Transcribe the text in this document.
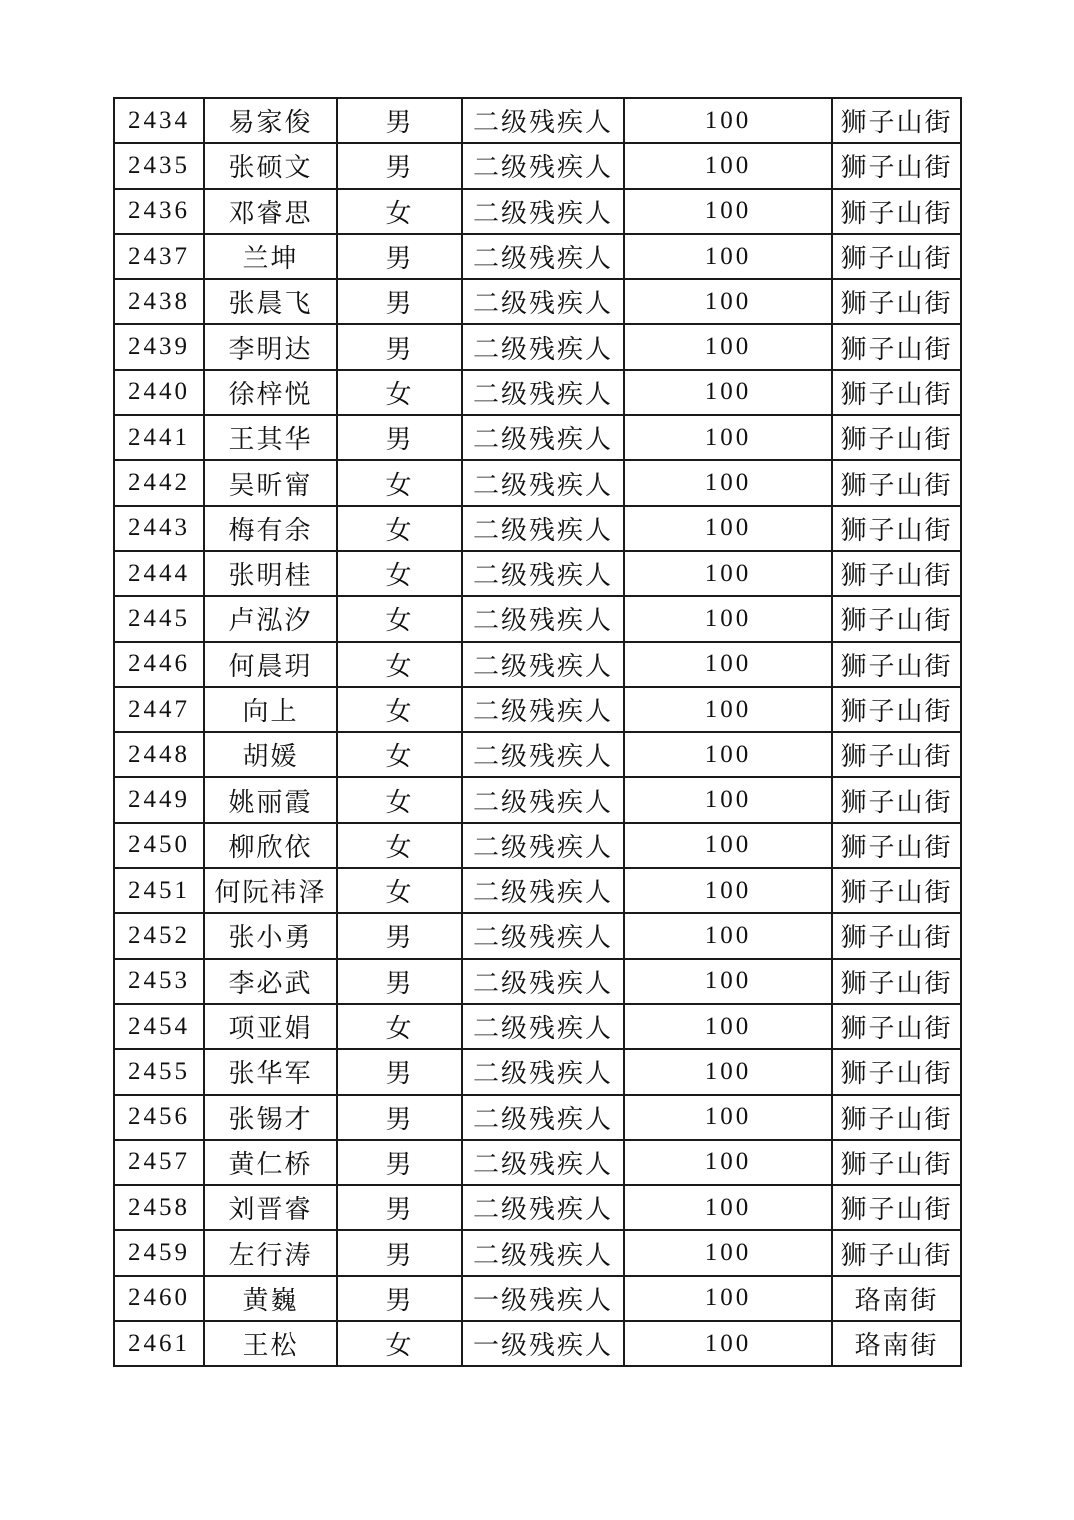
2434	易家俊	男	二级残疾人	100	狮子山街
2435	张硕文	男	二级残疾人	100	狮子山街
2436	邓睿思	女	二级残疾人	100	狮子山街
2437	兰坤	男	二级残疾人	100	狮子山街
2438	张晨飞	男	二级残疾人	100	狮子山街
2439	李明达	男	二级残疾人	100	狮子山街
2440	徐梓悦	女	二级残疾人	100	狮子山街
2441	王其华	男	二级残疾人	100	狮子山街
2442	吴昕甯	女	二级残疾人	100	狮子山街
2443	梅有余	女	二级残疾人	100	狮子山街
2444	张明桂	女	二级残疾人	100	狮子山街
2445	卢泓汐	女	二级残疾人	100	狮子山街
2446	何晨玥	女	二级残疾人	100	狮子山街
2447	向上	女	二级残疾人	100	狮子山街
2448	胡媛	女	二级残疾人	100	狮子山街
2449	姚丽霞	女	二级残疾人	100	狮子山街
2450	柳欣依	女	二级残疾人	100	狮子山街
2451	何阮祎泽	女	二级残疾人	100	狮子山街
2452	张小勇	男	二级残疾人	100	狮子山街
2453	李必武	男	二级残疾人	100	狮子山街
2454	项亚娟	女	二级残疾人	100	狮子山街
2455	张华军	男	二级残疾人	100	狮子山街
2456	张锡才	男	二级残疾人	100	狮子山街
2457	黄仁桥	男	二级残疾人	100	狮子山街
2458	刘晋睿	男	二级残疾人	100	狮子山街
2459	左行涛	男	二级残疾人	100	狮子山街
2460	黄巍	男	一级残疾人	100	珞南街
2461	王松	女	一级残疾人	100	珞南街
